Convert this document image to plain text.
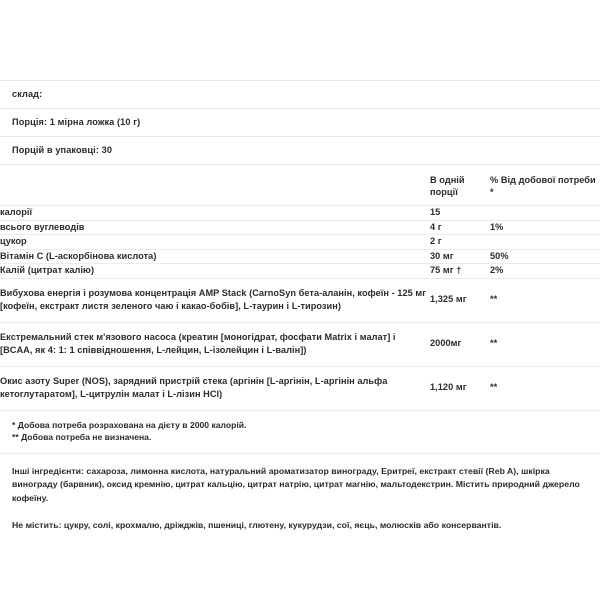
склад:
Порція: 1 мірна ложка (10 г)
Порцій в упаковці: 30
	В одній порції	% Від добової потреби *
калорії	15	
всього вуглеводів	4 г	1%
цукор	2 г	
Вітамін С (L-аскорбінова кислота)	30 мг	50%
Калій (цитрат калію)	75 мг †	2%
Вибухова енергія і розумова концентрація AMP Stack (CarnoSyn бета-аланін, кофеїн - 125 мг [кофеїн, екстракт листя зеленого чаю і какао-бобів], L-таурин і L-тирозин)	1,325 мг	**
Екстремальний стек м'язового насоса (креатин [моногідрат, фосфати Matrix і малат] і [BCAA, як 4: 1: 1 співвідношення, L-лейцин, L-ізолейцин і L-валін])	2000мг	**
Окис азоту Super (NOS), зарядний пристрій стека (аргінін [L-аргінін, L-аргінін альфа кетоглутаратом], L-цитрулін малат і L-лізин HCl)	1,120 мг	**
* Добова потреба розрахована на дієту в 2000 калорій.
** Добова потреба не визначена.
Інші інгредієнти: сахароза, лимонна кислота, натуральний ароматизатор винограду, Еритреї, екстракт стевії (Reb A), шкірка винограду (барвник), оксид кремнію, цитрат кальцію, цитрат натрію, цитрат магнію, мальтодекстрин. Містить природний джерело кофеїну.
Не містить: цукру, солі, крохмалю, дріжджів, пшениці, глютену, кукурудзи, сої, яєць, молюсків або консервантів.
